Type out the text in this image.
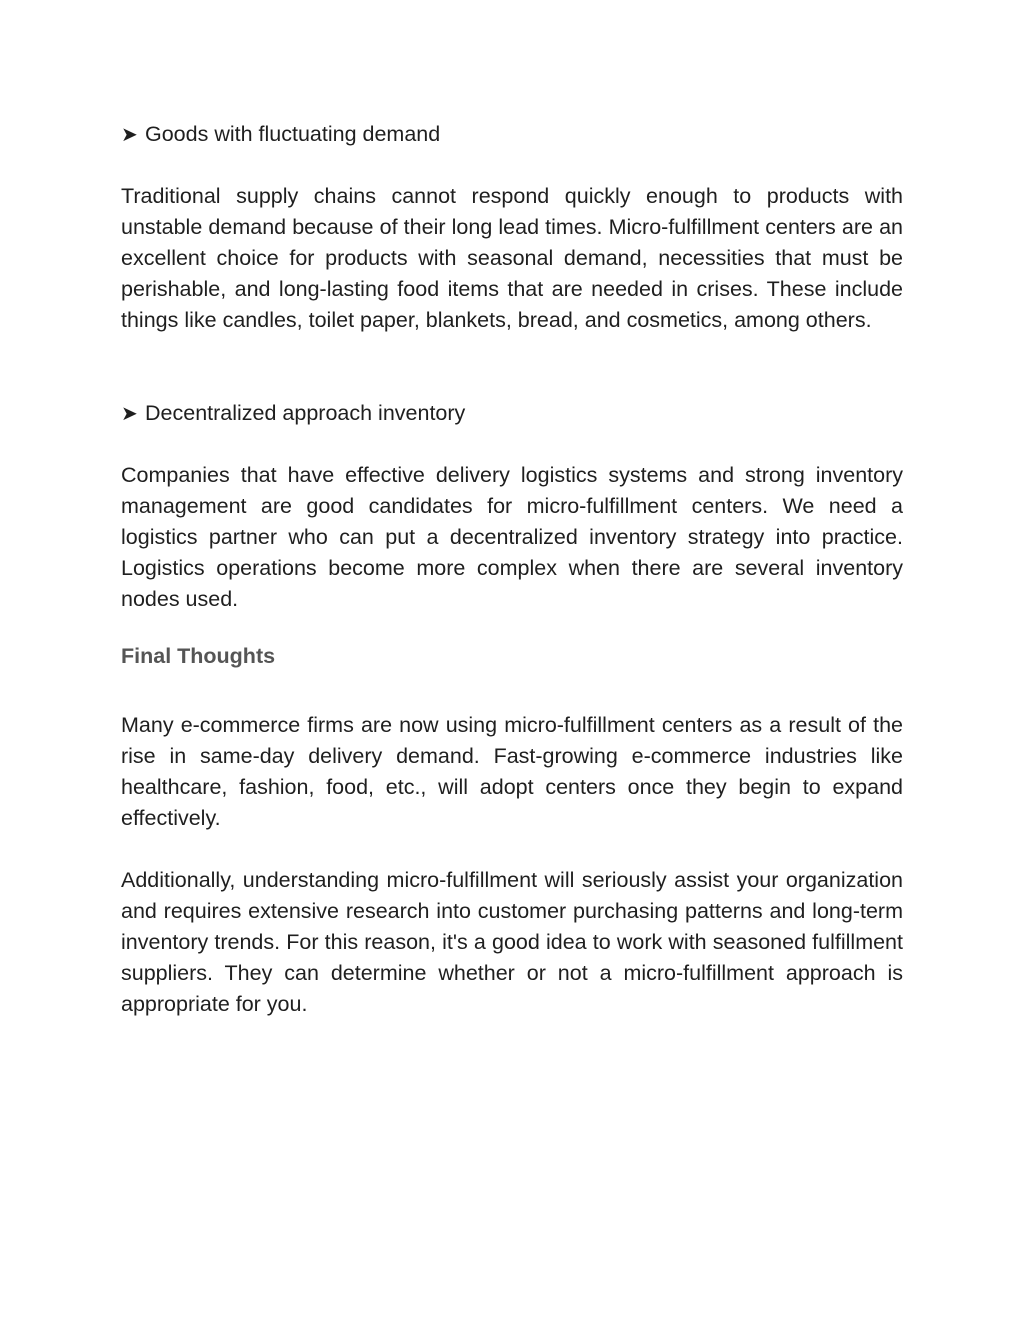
➤ Goods with fluctuating demand

Traditional supply chains cannot respond quickly enough to products with unstable demand because of their long lead times. Micro-fulfillment centers are an excellent choice for products with seasonal demand, necessities that must be perishable, and long-lasting food items that are needed in crises. These include things like candles, toilet paper, blankets, bread, and cosmetics, among others.

➤ Decentralized approach inventory

Companies that have effective delivery logistics systems and strong inventory management are good candidates for micro-fulfillment centers. We need a logistics partner who can put a decentralized inventory strategy into practice. Logistics operations become more complex when there are several inventory nodes used.

Final Thoughts

Many e-commerce firms are now using micro-fulfillment centers as a result of the rise in same-day delivery demand. Fast-growing e-commerce industries like healthcare, fashion, food, etc., will adopt centers once they begin to expand effectively.

Additionally, understanding micro-fulfillment will seriously assist your organization and requires extensive research into customer purchasing patterns and long-term inventory trends. For this reason, it's a good idea to work with seasoned fulfillment suppliers. They can determine whether or not a micro-fulfillment approach is appropriate for you.
